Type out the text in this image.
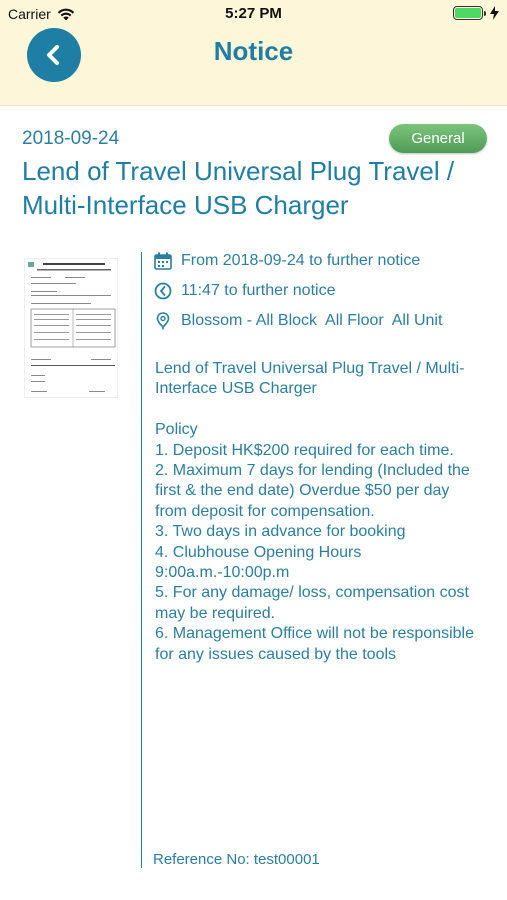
Carrier	5:27 PM
Notice
2018-09-24	General
Lend of Travel Universal Plug Travel / Multi-Interface USB Charger
From 2018-09-24 to further notice
11:47 to further notice
Blossom - All Block  All Floor  All Unit
Lend of Travel Universal Plug Travel / Multi-Interface USB Charger

Policy
1. Deposit HK$200 required for each time.
2. Maximum 7 days for lending (Included the first & the end date) Overdue $50 per day from deposit for compensation.
3. Two days in advance for booking
4. Clubhouse Opening Hours 9:00a.m.-10:00p.m
5. For any damage/ loss, compensation cost may be required.
6. Management Office will not be responsible for any issues caused by the tools
Reference No: test00001
